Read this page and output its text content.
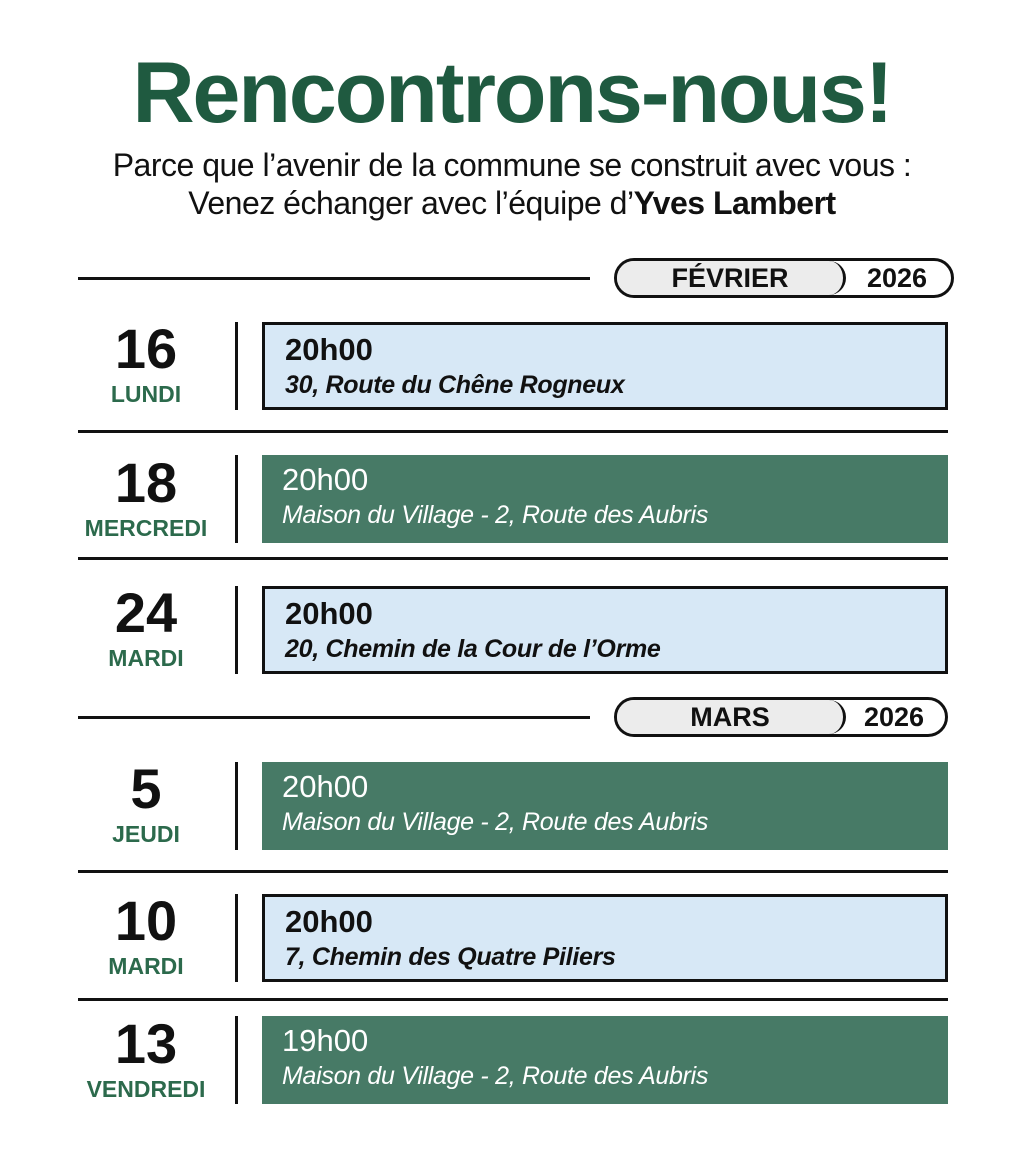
Rencontrons-nous!
Parce que l’avenir de la commune se construit avec vous :
Venez échanger avec l’équipe d’Yves Lambert
FÉVRIER	2026
16
LUNDI
20h00
30, Route du Chêne Rogneux
18
MERCREDI
20h00
Maison du Village - 2, Route des Aubris
24
MARDI
20h00
20, Chemin de la Cour de l’Orme
MARS	2026
5
JEUDI
20h00
Maison du Village - 2, Route des Aubris
10
MARDI
20h00
7, Chemin des Quatre Piliers
13
VENDREDI
19h00
Maison du Village - 2, Route des Aubris
